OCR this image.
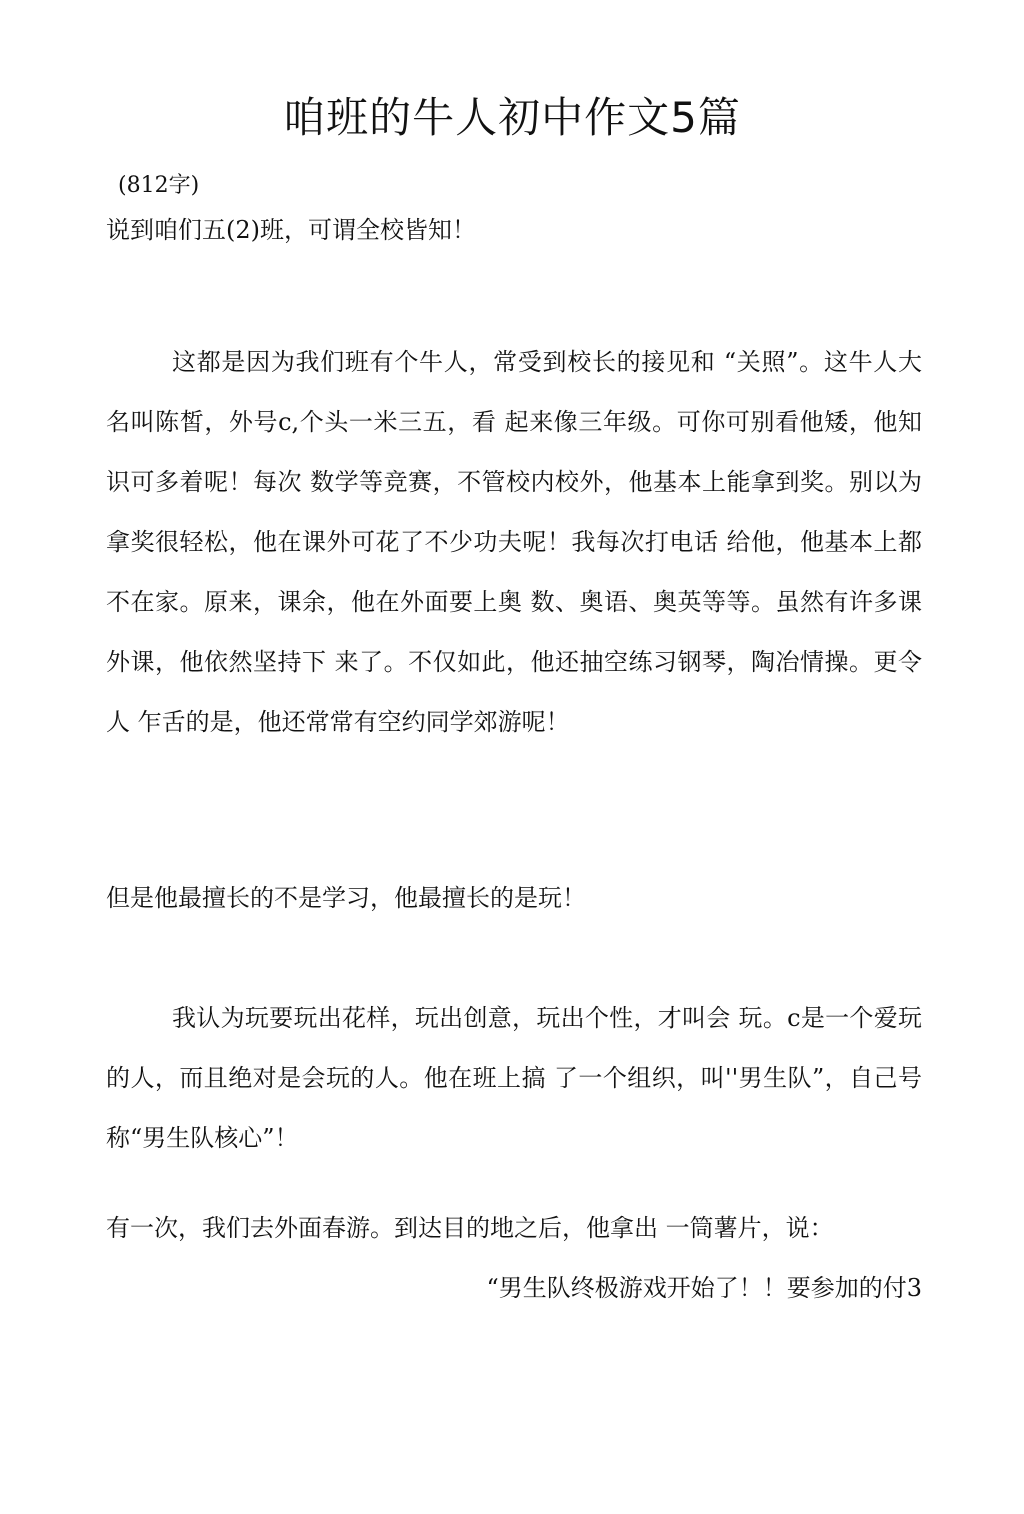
咱班的牛人初中作文5篇

(812字)

说到咱们五(2)班，可谓全校皆知！

这都是因为我们班有个牛人，常受到校长的接见和 “关照”。这牛人大名叫陈皙，外号c,个头一米三五，看 起来像三年级。可你可别看他矮，他知识可多着呢！每次 数学等竞赛，不管校内校外，他基本上能拿到奖。别以为 拿奖很轻松，他在课外可花了不少功夫呢！我每次打电话 给他，他基本上都不在家。原来，课余，他在外面要上奥 数、奥语、奥英等等。虽然有许多课外课，他依然坚持下 来了。不仅如此，他还抽空练习钢琴，陶冶情操。更令人 乍舌的是，他还常常有空约同学郊游呢！

但是他最擅长的不是学习，他最擅长的是玩！

我认为玩要玩出花样，玩出创意，玩出个性，才叫会 玩。c是一个爱玩的人，而且绝对是会玩的人。他在班上搞 了一个组织，叫''男生队”，自己号称“男生队核心”！

有一次，我们去外面春游。到达目的地之后，他拿出 一筒薯片，说：

“男生队终极游戏开始了！！要参加的付3
